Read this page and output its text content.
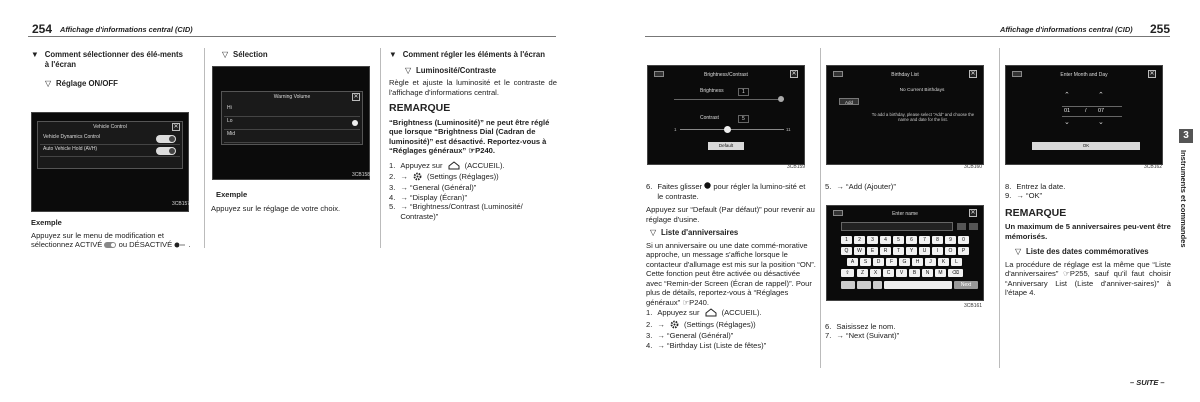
254 Affichage d'informations central (CID)
▼ Comment sélectionner des élé-ments à l'écran
▽ Réglage ON/OFF
Vehicle Control	✕
Vehicle Dynamics Control
Auto Vehicle Hold (AVH)
3CB157
Exemple
Appuyez sur le menu de modification et sélectionnez ACTIVÉ ou DÉSACTIVÉ .
▽ Sélection
Warning Volume	✕
Hi
Lo
Mid
3CB158
Exemple
Appuyez sur le réglage de votre choix.
▼ Comment régler les éléments à l'écran
▽ Luminosité/Contraste
Règle et ajuste la luminosité et le contraste de l'affichage d'informations central.
REMARQUE
“Brightness (Luminosité)” ne peut être réglé que lorsque “Brightness Dial (Cadran de luminosité)” est désactivé. Reportez-vous à “Réglages généraux” ☞P240.
1. Appuyez sur	(ACCUEIL).
2. →	(Settings (Réglages))
3. → “General (Général)”
4. → “Display (Écran)”
5. → “Brightness/Contrast (Luminosité/ Contraste)”
Affichage d'informations central (CID) 255
3
Instruments et commandes
Brightness/Contrast	✕
Brightness	1
Contrast	5
1	11
Default
3CB159
6. Faites glisser pour régler la lumino-sité et le contraste.
Appuyez sur “Default (Par défaut)” pour revenir au réglage d'usine.
▽ Liste d'anniversaires
Si un anniversaire ou une date commé-morative approche, un message s'affiche lorsque le contacteur d'allumage est mis sur la position “ON”. Cette fonction peut être activée ou désactivée avec “Remin-der Screen (Écran de rappel)”. Pour plus de détails, reportez-vous à “Réglages généraux” ☞P240.
1. Appuyez sur	(ACCUEIL).
2. →	(Settings (Réglages))
3. → “General (Général)”
4. → “Birthday List (Liste de fêtes)”
Birthday List	✕
Add
No Current Birthdays
To add a birthday, please select “Add” and choose the name and date for the list.
3CB160
5. → “Add (Ajouter)”
Enter name	✕
1	2	3	4	5	6	7	8	9	0
Q	W	E	R	T	Y	U	I	O	P
A	S	D	F	G	H	J	K	L
⇧	Z	X	C	V	B	N	M	⌫
Next
3CB161
6. Saisissez le nom.
7. → “Next (Suivant)”
Enter Month and Day	✕
⌃	⌃
01	/ 07
⌄	⌄
OK
3CB162
8. Entrez la date.
9. → “OK”
REMARQUE
Un maximum de 5 anniversaires peu-vent être mémorisés.
▽ Liste des dates commémoratives
La procédure de réglage est la même que “Liste d'anniversaires” ☞P255, sauf qu'il faut choisir “Anniversary List (Liste d'anniver-saires)” à l'étape 4.
– SUITE –
